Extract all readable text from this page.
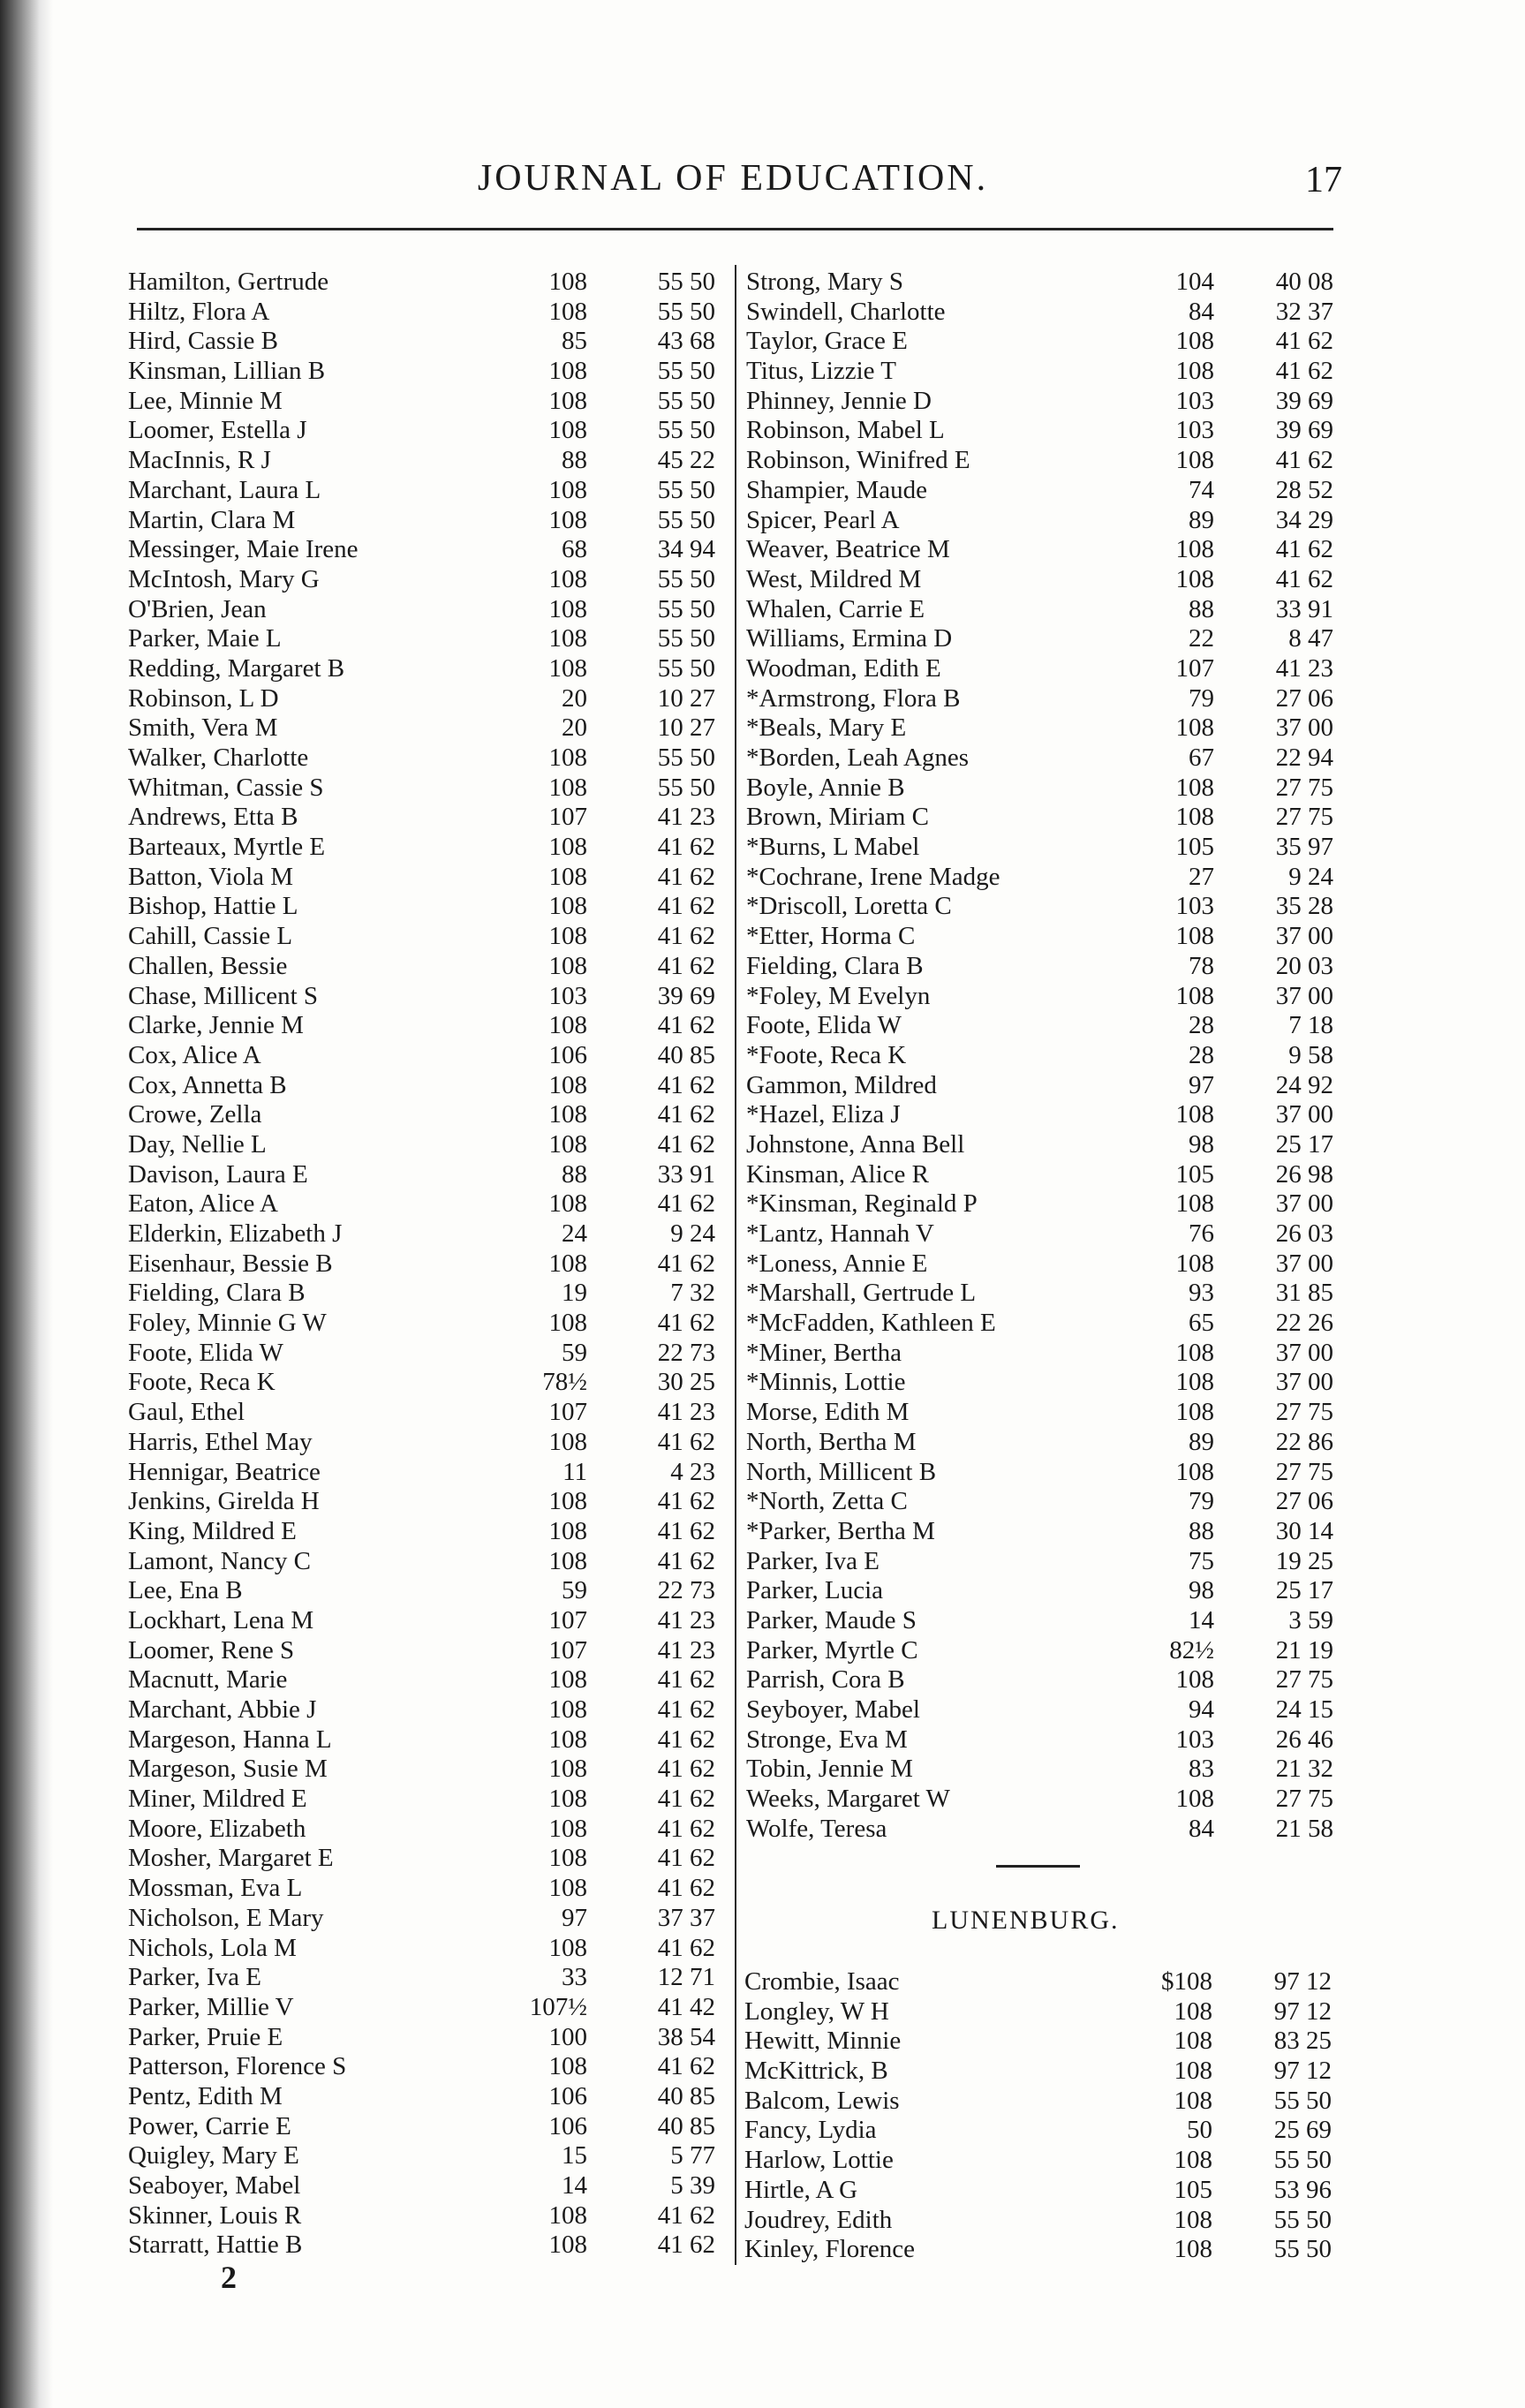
JOURNAL OF EDUCATION.	17
Hamilton, Gertrude	108	55 50
Hiltz, Flora A	108	55 50
Hird, Cassie B	85	43 68
Kinsman, Lillian B	108	55 50
Lee, Minnie M	108	55 50
Loomer, Estella J	108	55 50
MacInnis, R J	88	45 22
Marchant, Laura L	108	55 50
Martin, Clara M	108	55 50
Messinger, Maie Irene	68	34 94
McIntosh, Mary G	108	55 50
O'Brien, Jean	108	55 50
Parker, Maie L	108	55 50
Redding, Margaret B	108	55 50
Robinson, L D	20	10 27
Smith, Vera M	20	10 27
Walker, Charlotte	108	55 50
Whitman, Cassie S	108	55 50
Andrews, Etta B	107	41 23
Barteaux, Myrtle E	108	41 62
Batton, Viola M	108	41 62
Bishop, Hattie L	108	41 62
Cahill, Cassie L	108	41 62
Challen, Bessie	108	41 62
Chase, Millicent S	103	39 69
Clarke, Jennie M	108	41 62
Cox, Alice A	106	40 85
Cox, Annetta B	108	41 62
Crowe, Zella	108	41 62
Day, Nellie L	108	41 62
Davison, Laura E	88	33 91
Eaton, Alice A	108	41 62
Elderkin, Elizabeth J	24	9 24
Eisenhaur, Bessie B	108	41 62
Fielding, Clara B	19	7 32
Foley, Minnie G W	108	41 62
Foote, Elida W	59	22 73
Foote, Reca K	78½	30 25
Gaul, Ethel	107	41 23
Harris, Ethel May	108	41 62
Hennigar, Beatrice	11	4 23
Jenkins, Girelda H	108	41 62
King, Mildred E	108	41 62
Lamont, Nancy C	108	41 62
Lee, Ena B	59	22 73
Lockhart, Lena M	107	41 23
Loomer, Rene S	107	41 23
Macnutt, Marie	108	41 62
Marchant, Abbie J	108	41 62
Margeson, Hanna L	108	41 62
Margeson, Susie M	108	41 62
Miner, Mildred E	108	41 62
Moore, Elizabeth	108	41 62
Mosher, Margaret E	108	41 62
Mossman, Eva L	108	41 62
Nicholson, E Mary	97	37 37
Nichols, Lola M	108	41 62
Parker, Iva E	33	12 71
Parker, Millie V	107½	41 42
Parker, Pruie E	100	38 54
Patterson, Florence S	108	41 62
Pentz, Edith M	106	40 85
Power, Carrie E	106	40 85
Quigley, Mary E	15	5 77
Seaboyer, Mabel	14	5 39
Skinner, Louis R	108	41 62
Starratt, Hattie B	108	41 62
Strong, Mary S	104	40 08
Swindell, Charlotte	84	32 37
Taylor, Grace E	108	41 62
Titus, Lizzie T	108	41 62
Phinney, Jennie D	103	39 69
Robinson, Mabel L	103	39 69
Robinson, Winifred E	108	41 62
Shampier, Maude	74	28 52
Spicer, Pearl A	89	34 29
Weaver, Beatrice M	108	41 62
West, Mildred M	108	41 62
Whalen, Carrie E	88	33 91
Williams, Ermina D	22	8 47
Woodman, Edith E	107	41 23
*Armstrong, Flora B	79	27 06
*Beals, Mary E	108	37 00
*Borden, Leah Agnes	67	22 94
Boyle, Annie B	108	27 75
Brown, Miriam C	108	27 75
*Burns, L Mabel	105	35 97
*Cochrane, Irene Madge	27	9 24
*Driscoll, Loretta C	103	35 28
*Etter, Horma C	108	37 00
Fielding, Clara B	78	20 03
*Foley, M Evelyn	108	37 00
Foote, Elida W	28	7 18
*Foote, Reca K	28	9 58
Gammon, Mildred	97	24 92
*Hazel, Eliza J	108	37 00
Johnstone, Anna Bell	98	25 17
Kinsman, Alice R	105	26 98
*Kinsman, Reginald P	108	37 00
*Lantz, Hannah V	76	26 03
*Loness, Annie E	108	37 00
*Marshall, Gertrude L	93	31 85
*McFadden, Kathleen E	65	22 26
*Miner, Bertha	108	37 00
*Minnis, Lottie	108	37 00
Morse, Edith M	108	27 75
North, Bertha M	89	22 86
North, Millicent B	108	27 75
*North, Zetta C	79	27 06
*Parker, Bertha M	88	30 14
Parker, Iva E	75	19 25
Parker, Lucia	98	25 17
Parker, Maude S	14	3 59
Parker, Myrtle C	82½	21 19
Parrish, Cora B	108	27 75
Seyboyer, Mabel	94	24 15
Stronge, Eva M	103	26 46
Tobin, Jennie M	83	21 32
Weeks, Margaret W	108	27 75
Wolfe, Teresa	84	21 58
LUNENBURG.
Crombie, Isaac	$108	97 12
Longley, W H	108	97 12
Hewitt, Minnie	108	83 25
McKittrick, B	108	97 12
Balcom, Lewis	108	55 50
Fancy, Lydia	50	25 69
Harlow, Lottie	108	55 50
Hirtle, A G	105	53 96
Joudrey, Edith	108	55 50
Kinley, Florence	108	55 50
2
